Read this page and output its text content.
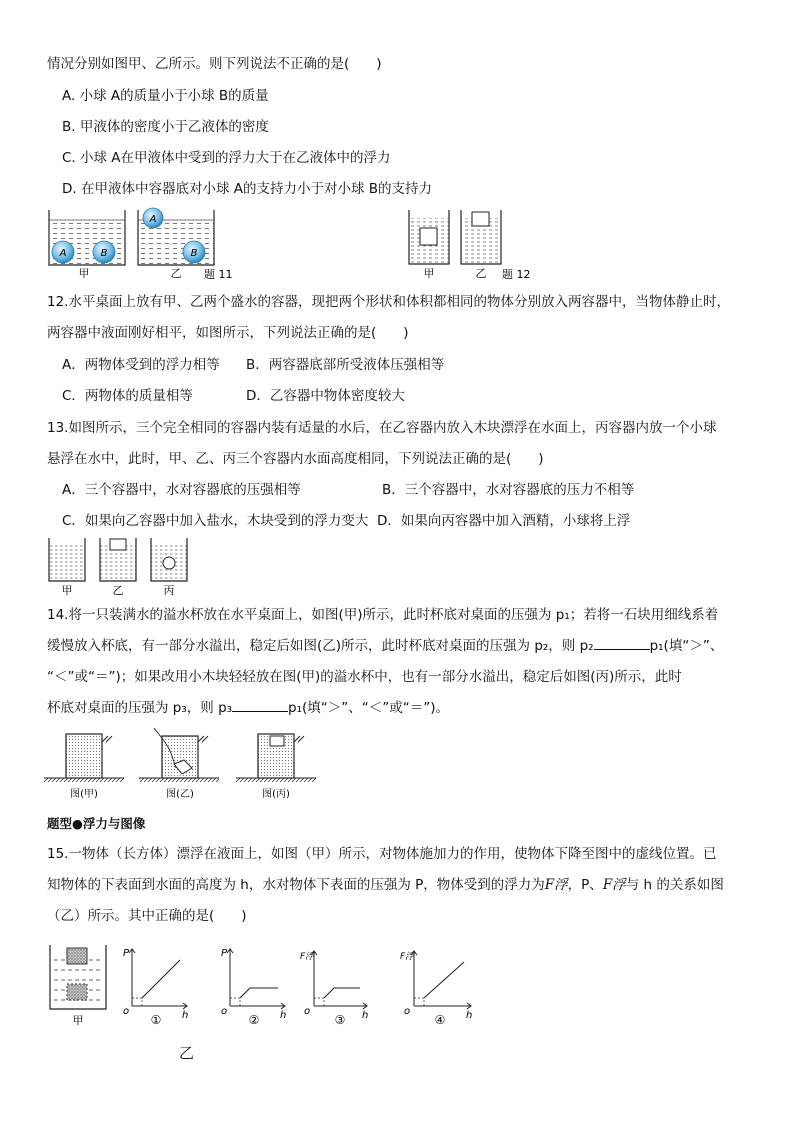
情况分别如图甲、乙所示。则下列说法不正确的是(　　)
A. 小球 A的质量小于小球 B的质量
B. 甲液体的密度小于乙液体的密度
C. 小球 A在甲液体中受到的浮力大于在乙液体中的浮力
D. 在甲液体中容器底对小球 A的支持力小于对小球 B的支持力
A	B
甲
A
B
乙 题 11	甲	乙 题 12
12.水平桌面上放有甲、乙两个盛水的容器，现把两个形状和体积都相同的物体分别放入两容器中，当物体静止时，
两容器中液面刚好相平，如图所示，下列说法正确的是(　　)
A．两物体受到的浮力相等 B．两容器底部所受液体压强相等
C．两物体的质量相等	D．乙容器中物体密度较大
13.如图所示，三个完全相同的容器内装有适量的水后，在乙容器内放入木块漂浮在水面上，丙容器内放一个小球
悬浮在水中，此时，甲、乙、丙三个容器内水面高度相同，下列说法正确的是(　　)
A．三个容器中，水对容器底的压强相等	B．三个容器中，水对容器底的压力不相等
C．如果向乙容器中加入盐水，木块受到的浮力变大 D．如果向丙容器中加入酒精，小球将上浮
甲	乙	丙
14.将一只装满水的溢水杯放在水平桌面上，如图(甲)所示，此时杯底对桌面的压强为 p₁；若将一石块用细线系着
缓慢放入杯底，有一部分水溢出，稳定后如图(乙)所示，此时杯底对桌面的压强为 p₂，则 p₂	p₁(填“＞”、
“＜”或“＝”)；如果改用小木块轻轻放在图(甲)的溢水杯中，也有一部分水溢出，稳定后如图(丙)所示，此时
杯底对桌面的压强为 p₃，则 p₃	p₁(填“＞”、“＜”或“＝”)。
图(甲)	图(乙)	图(丙)
题型●浮力与图像
15.一物体（长方体）漂浮在液面上，如图（甲）所示，对物体施加力的作用，使物体下降至图中的虚线位置。已
知物体的下表面到水面的高度为 h，水对物体下表面的压强为 P，物体受到的浮力为F浮，P、F浮与 h 的关系如图
（乙）所示。其中正确的是(　　)
甲
P
h
o
①
P
h
o
②
F浮
h
o
③
F浮
h
o
④
乙
